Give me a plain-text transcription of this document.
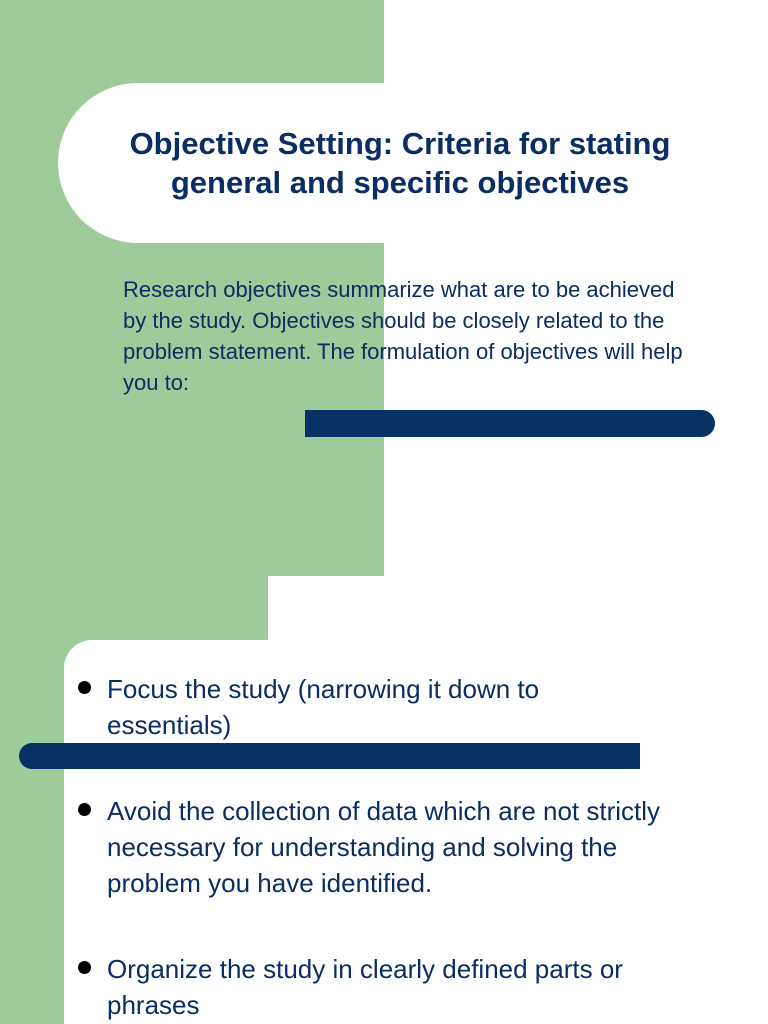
Objective Setting: Criteria for stating general and specific objectives

Research objectives summarize what are to be achieved by the study. Objectives should be closely related to the problem statement. The formulation of objectives will help you to:

Focus the study (narrowing it down to essentials)
Avoid the collection of data which are not strictly necessary for understanding and solving the problem you have identified.
Organize the study in clearly defined parts or phrases
